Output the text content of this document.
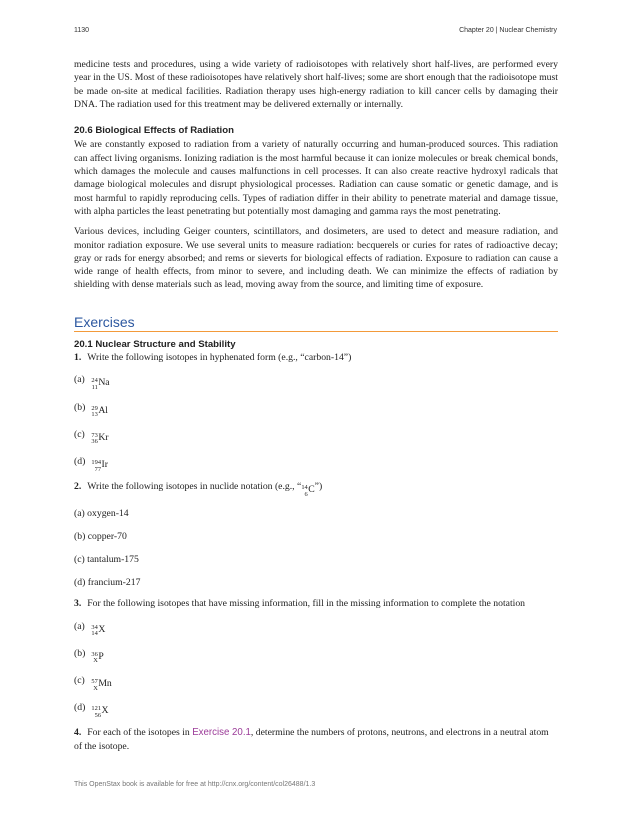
1130	Chapter 20 | Nuclear Chemistry

medicine tests and procedures, using a wide variety of radioisotopes with relatively short half-lives, are performed every year in the US. Most of these radioisotopes have relatively short half-lives; some are short enough that the radioisotope must be made on-site at medical facilities. Radiation therapy uses high-energy radiation to kill cancer cells by damaging their DNA. The radiation used for this treatment may be delivered externally or internally.

20.6 Biological Effects of Radiation

We are constantly exposed to radiation from a variety of naturally occurring and human-produced sources. This radiation can affect living organisms. Ionizing radiation is the most harmful because it can ionize molecules or break chemical bonds, which damages the molecule and causes malfunctions in cell processes. It can also create reactive hydroxyl radicals that damage biological molecules and disrupt physiological processes. Radiation can cause somatic or genetic damage, and is most harmful to rapidly reproducing cells. Types of radiation differ in their ability to penetrate material and damage tissue, with alpha particles the least penetrating but potentially most damaging and gamma rays the most penetrating.

Various devices, including Geiger counters, scintillators, and dosimeters, are used to detect and measure radiation, and monitor radiation exposure. We use several units to measure radiation: becquerels or curies for rates of radioactive decay; gray or rads for energy absorbed; and rems or sieverts for biological effects of radiation. Exposure to radiation can cause a wide range of health effects, from minor to severe, and including death. We can minimize the effects of radiation by shielding with dense materials such as lead, moving away from the source, and limiting time of exposure.

Exercises
20.1 Nuclear Structure and Stability
1. Write the following isotopes in hyphenated form (e.g., “carbon-14”)
(a) 24
11 Na
(b) 29
13 Al
(c) 73
36 Kr
(d) 194
77 Ir
2. Write the following isotopes in nuclide notation (e.g., “ 14
6 C”)
(a) oxygen-14
(b) copper-70
(c) tantalum-175
(d) francium-217
3. For the following isotopes that have missing information, fill in the missing information to complete the notation
(a) 34
14 X
(b) 36
X P
(c) 57
X Mn
(d) 121
56 X
4. For each of the isotopes in Exercise 20.1, determine the numbers of protons, neutrons, and electrons in a neutral atom of the isotope.
This OpenStax book is available for free at http://cnx.org/content/col26488/1.3
